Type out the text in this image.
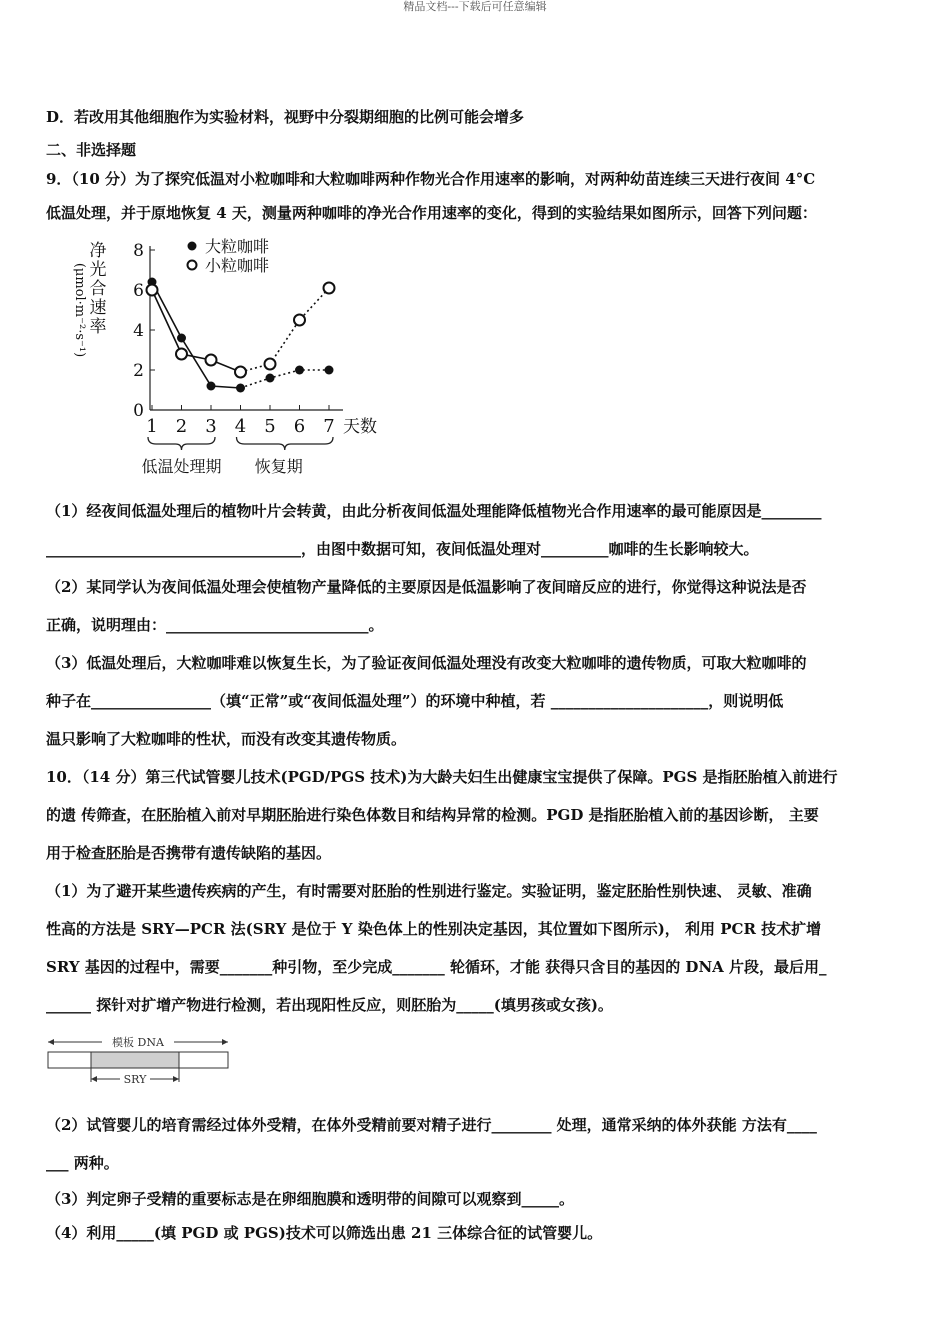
精品文档---下载后可任意编辑
D．若改用其他细胞作为实验材料，视野中分裂期细胞的比例可能会增多
二、非选择题
9．（10 分）为了探究低温对小粒咖啡和大粒咖啡两种作物光合作用速率的影响，对两种幼苗连续三天进行夜间 4°C
低温处理，并于原地恢复 4 天，测量两种咖啡的净光合作用速率的变化，得到的实验结果如图所示，回答下列问题：
0
2
4
6
8
1 2 3 4 5 6 7 天数
净
光
合
速
率
(μmol·m⁻²·s⁻¹)
低温处理期 恢复期
大粒咖啡
小粒咖啡
（1）经夜间低温处理后的植物叶片会转黄，由此分析夜间低温处理能降低植物光合作用速率的最可能原因是________
__________________________________，由图中数据可知，夜间低温处理对_________咖啡的生长影响较大。
（2）某同学认为夜间低温处理会使植物产量降低的主要原因是低温影响了夜间暗反应的进行，你觉得这种说法是否
正确，说明理由：___________________________。
（3）低温处理后，大粒咖啡难以恢复生长，为了验证夜间低温处理没有改变大粒咖啡的遗传物质，可取大粒咖啡的
种子在________________（填“正常”或“夜间低温处理”）的环境中种植，若 _____________________，则说明低
温只影响了大粒咖啡的性状，而没有改变其遗传物质。
10．（14 分）第三代试管婴儿技术(PGD/PGS 技术)为大龄夫妇生出健康宝宝提供了保障。PGS 是指胚胎植入前进行
的遗 传筛查，在胚胎植入前对早期胚胎进行染色体数目和结构异常的检测。PGD 是指胚胎植入前的基因诊断， 主要
用于检查胚胎是否携带有遗传缺陷的基因。
（1）为了避开某些遗传疾病的产生，有时需要对胚胎的性别进行鉴定。实验证明，鉴定胚胎性别快速、 灵敏、准确
性高的方法是 SRY—PCR 法(SRY 是位于 Y 染色体上的性别决定基因，其位置如下图所示)， 利用 PCR 技术扩增
SRY 基因的过程中，需要_______种引物，至少完成_______ 轮循环，才能 获得只含目的基因的 DNA 片段，最后用_
______ 探针对扩增产物进行检测，若出现阳性反应，则胚胎为_____(填男孩或女孩)。
模板 DNA
SRY
（2）试管婴儿的培育需经过体外受精，在体外受精前要对精子进行________ 处理，通常采纳的体外获能 方法有____
___ 两种。
（3）判定卵子受精的重要标志是在卵细胞膜和透明带的间隙可以观察到_____。
（4）利用_____(填 PGD 或 PGS)技术可以筛选出患 21 三体综合征的试管婴儿。
